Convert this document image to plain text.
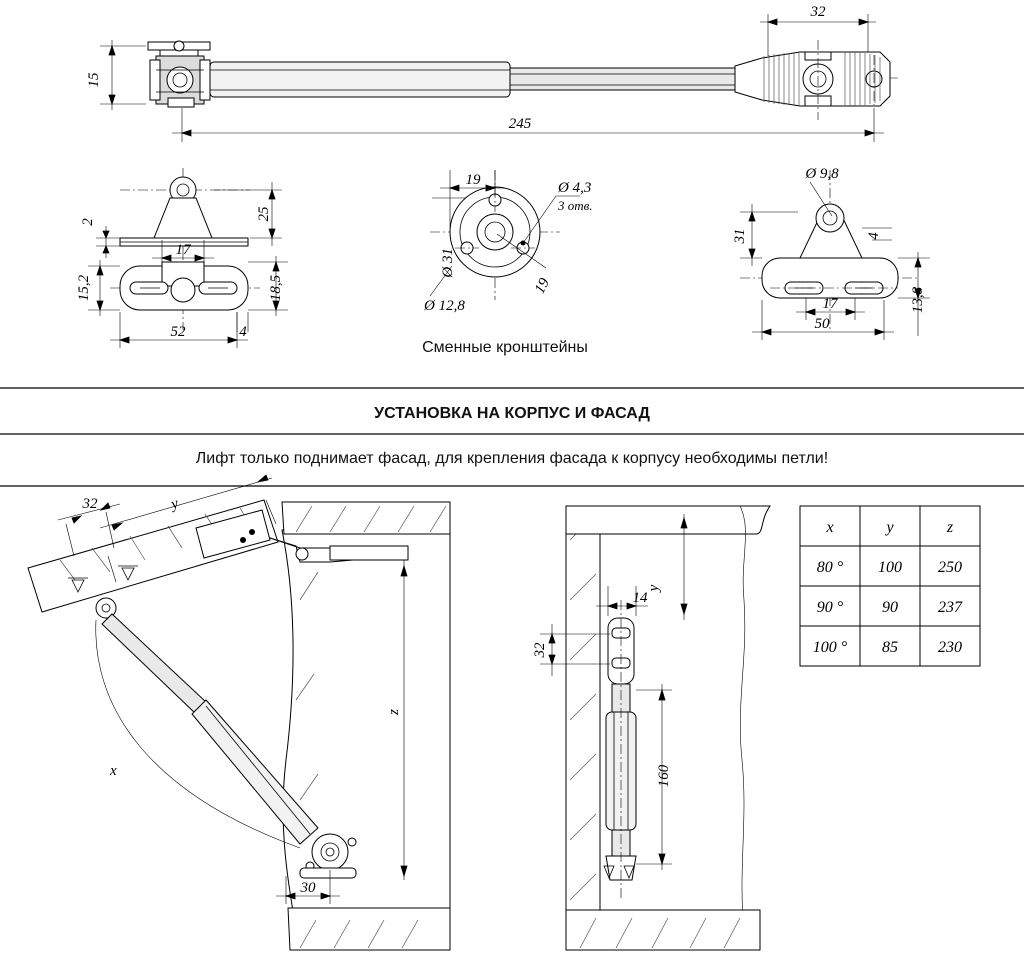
32
15
245
25
2
17
15,2	18,5
52	4
Ø 4,3
3 отв.
19
Ø 31
Ø 12,8
19
Сменные кронштейны
Ø 9,8
31	4
17
50
13,8
УСТАНОВКА НА КОРПУС И ФАСАД
Лифт только поднимает фасад, для крепления фасада к корпусу необходимы петли!
x
z
y
32
30
32
14
160
y
x	y	z
80 ° 100 250
90 ° 90	237
100 ° 85	230
